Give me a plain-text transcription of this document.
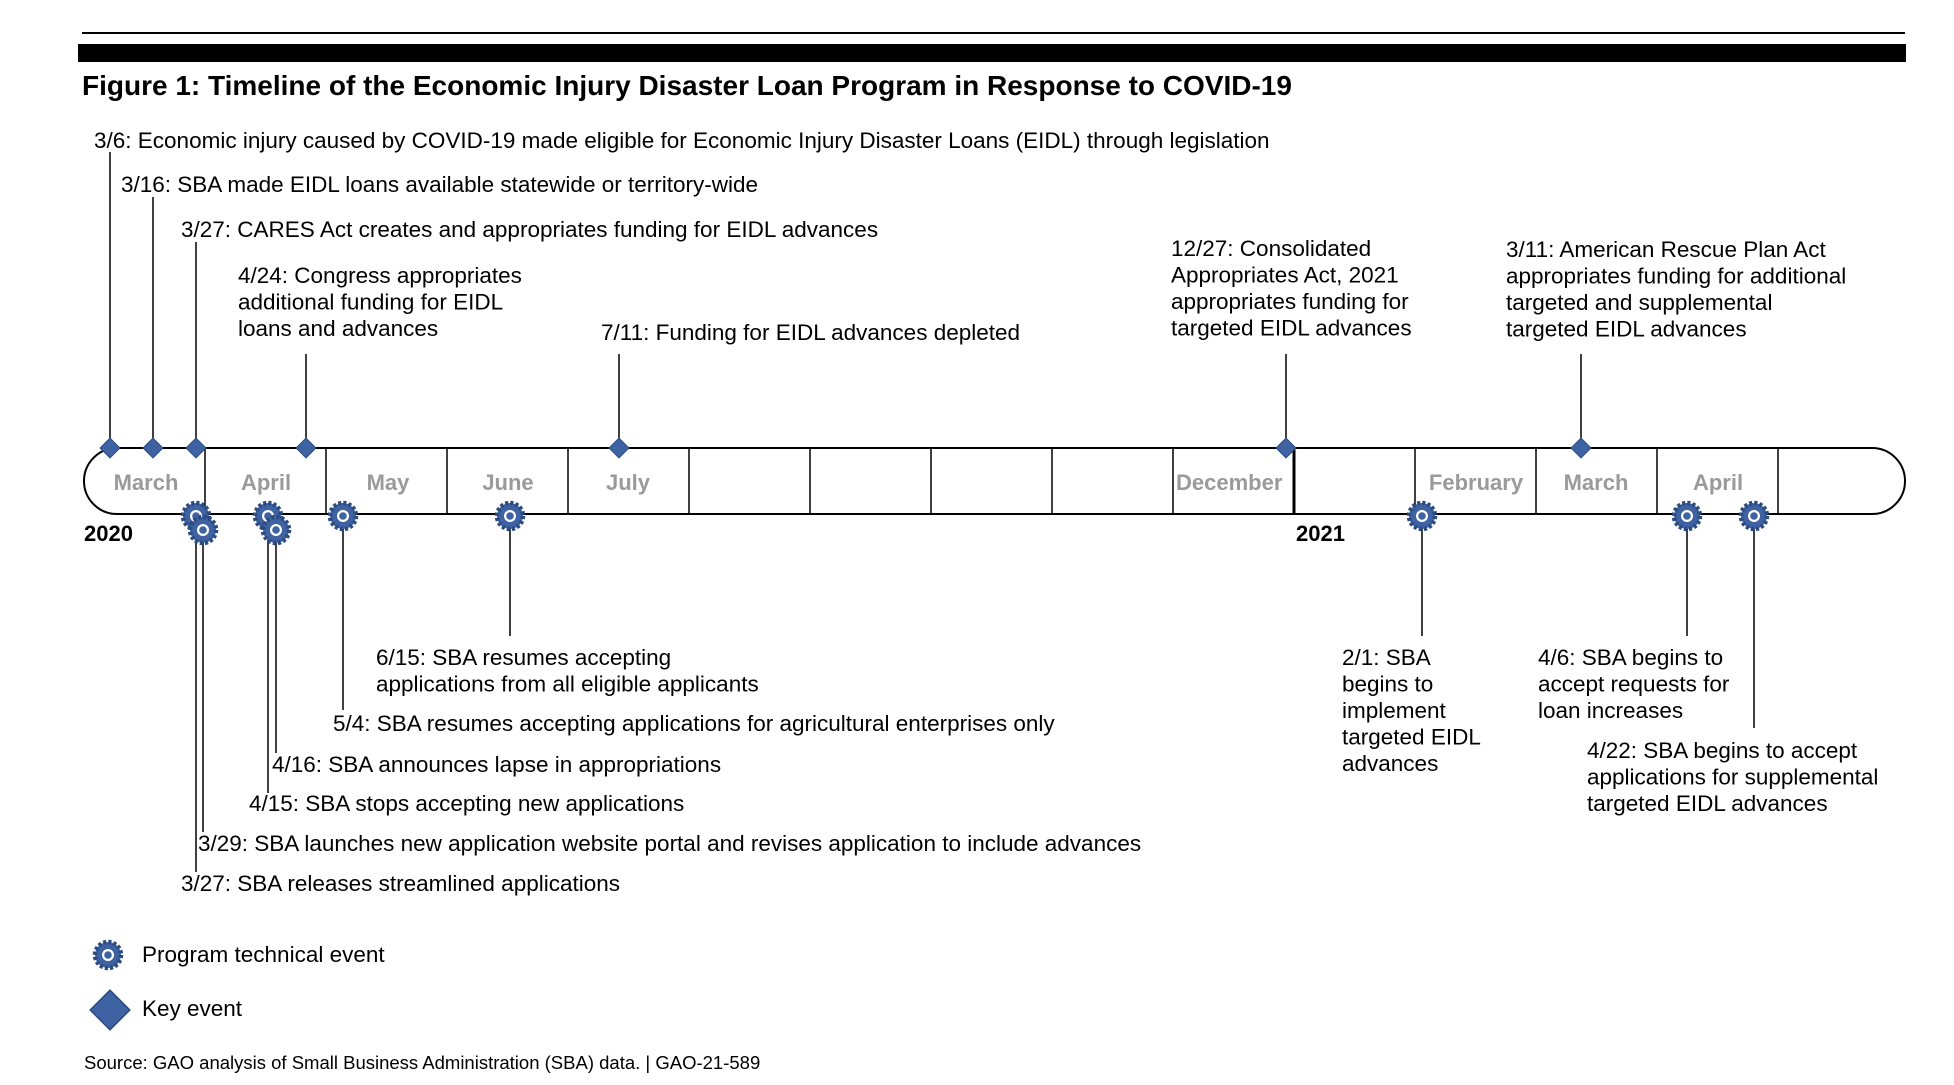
Figure 1: Timeline of the Economic Injury Disaster Loan Program in Response to COVID-19
March	April	May	June	July	December	February March	April
2020	2021
3/6: Economic injury caused by COVID-19 made eligible for Economic Injury Disaster Loans (EIDL) through legislation
3/16: SBA made EIDL loans available statewide or territory-wide
3/27: CARES Act creates and appropriates funding for EIDL advances
4/24: Congress appropriates
additional funding for EIDL
loans and advances	7/11: Funding for EIDL advances depleted
12/27: Consolidated
Appropriates Act, 2021
appropriates funding for
targeted EIDL advances
3/11: American Rescue Plan Act
appropriates funding for additional
targeted and supplemental
targeted EIDL advances
3/27: SBA releases streamlined applications
3/29: SBA launches new application website portal and revises application to include advances
4/15: SBA stops accepting new applications
4/16: SBA announces lapse in appropriations
5/4: SBA resumes accepting applications for agricultural enterprises only
6/15: SBA resumes accepting
applications from all eligible applicants
2/1: SBA
begins to
implement
targeted EIDL
advances
4/6: SBA begins to
accept requests for
loan increases
4/22: SBA begins to accept
applications for supplemental
targeted EIDL advances
Program technical event
Key event
Source: GAO analysis of Small Business Administration (SBA) data. | GAO-21-589
